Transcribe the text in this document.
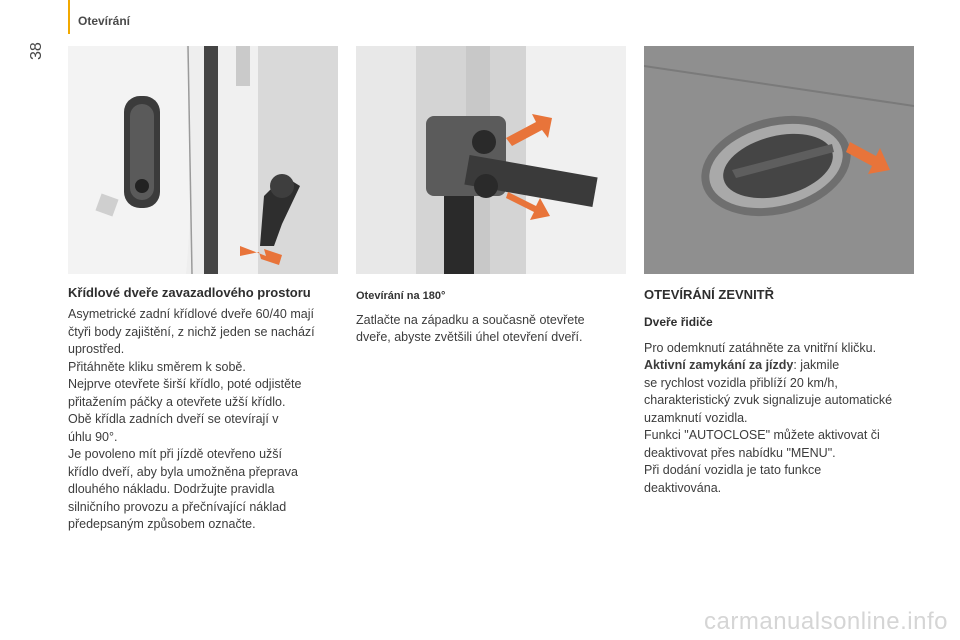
Otevírání
38
Křídlové dveře zavazadlového prostoru

Asymetrické zadní křídlové dveře 60/40 mají

čtyři body zajištění, z nichž jeden se nachází

uprostřed.

Přitáhněte kliku směrem k sobě.

Nejprve otevřete širší křídlo, poté odjistěte

přitažením páčky a otevřete užší křídlo.

Obě křídla zadních dveří se otevírají v

úhlu 90°.

Je povoleno mít při jízdě otevřeno užší

křídlo dveří, aby byla umožněna přeprava

dlouhého nákladu. Dodržujte pravidla

silničního provozu a přečnívající náklad

předepsaným způsobem označte.

Otevírání na 180°

Zatlačte na západku a současně otevřete

dveře, abyste zvětšili úhel otevření dveří.

OTEVÍRÁNÍ ZEVNITŘ
Dveře řidiče

Pro odemknutí zatáhněte za vnitřní kličku.

Aktivní zamykání za jízdy: jakmile

se rychlost vozidla přiblíží 20 km/h,

charakteristický zvuk signalizuje automatické

uzamknutí vozidla.

Funkci "AUTOCLOSE" můžete aktivovat či

deaktivovat přes nabídku "MENU".

Při dodání vozidla je tato funkce

deaktivována.

carmanualsonline.info
